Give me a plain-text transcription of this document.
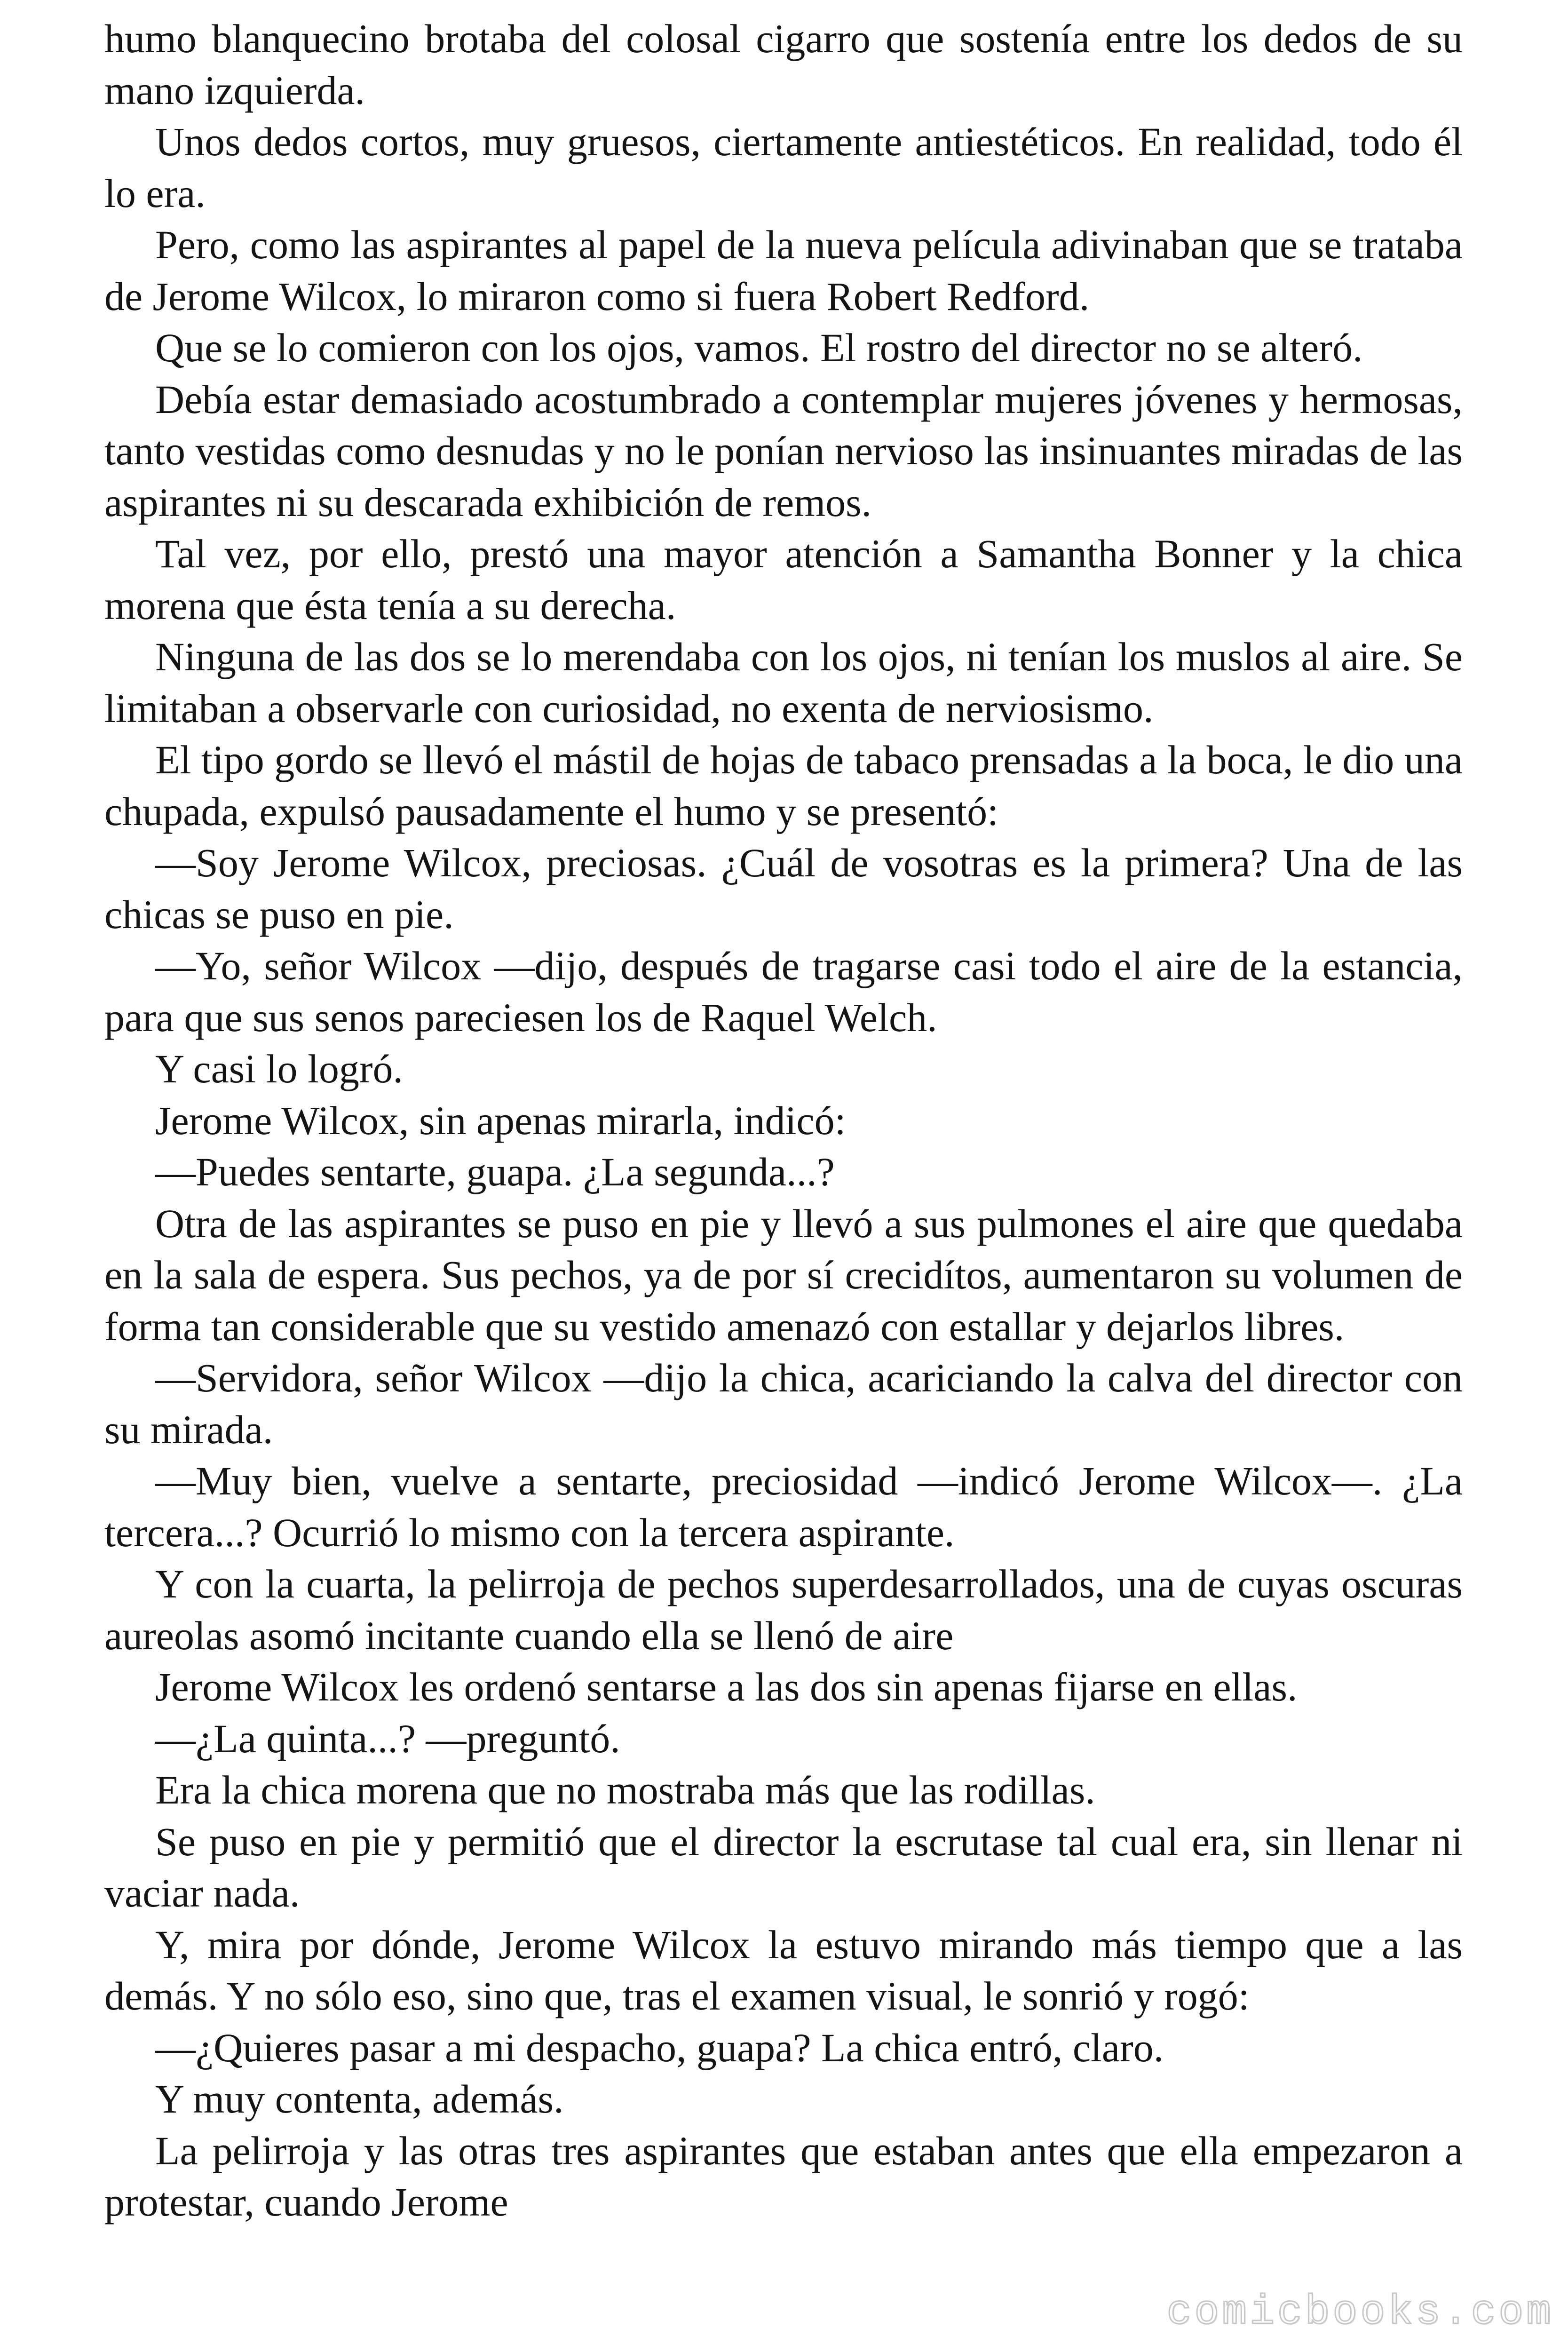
humo blanquecino brotaba del colosal cigarro que sostenía entre los dedos de su mano izquierda.

Unos dedos cortos, muy gruesos, ciertamente antiestéticos. En realidad, todo él lo era.

Pero, como las aspirantes al papel de la nueva película adivinaban que se trataba de Jerome Wilcox, lo miraron como si fuera Robert Redford.

Que se lo comieron con los ojos, vamos. El rostro del director no se alteró.

Debía estar demasiado acostumbrado a contemplar mujeres jóvenes y hermosas, tanto vestidas como desnudas y no le ponían nervioso las insinuantes miradas de las aspirantes ni su descarada exhibición de remos.

Tal vez, por ello, prestó una mayor atención a Samantha Bonner y la chica morena que ésta tenía a su derecha.

Ninguna de las dos se lo merendaba con los ojos, ni tenían los muslos al aire. Se limitaban a observarle con curiosidad, no exenta de nerviosismo.

El tipo gordo se llevó el mástil de hojas de tabaco prensadas a la boca, le dio una chupada, expulsó pausadamente el humo y se presentó:

—Soy Jerome Wilcox, preciosas. ¿Cuál de vosotras es la primera? Una de las chicas se puso en pie.

—Yo, señor Wilcox —dijo, después de tragarse casi todo el aire de la estancia, para que sus senos pareciesen los de Raquel Welch.

Y casi lo logró.

Jerome Wilcox, sin apenas mirarla, indicó:

—Puedes sentarte, guapa. ¿La segunda...?

Otra de las aspirantes se puso en pie y llevó a sus pulmones el aire que quedaba en la sala de espera. Sus pechos, ya de por sí crecidítos, aumentaron su volumen de forma tan considerable que su vestido amenazó con estallar y dejarlos libres.

—Servidora, señor Wilcox —dijo la chica, acariciando la calva del director con su mirada.

—Muy bien, vuelve a sentarte, preciosidad —indicó Jerome Wilcox—. ¿La tercera...? Ocurrió lo mismo con la tercera aspirante.

Y con la cuarta, la pelirroja de pechos superdesarrollados, una de cuyas oscuras aureolas asomó incitante cuando ella se llenó de aire

Jerome Wilcox les ordenó sentarse a las dos sin apenas fijarse en ellas.

—¿La quinta...? —preguntó.

Era la chica morena que no mostraba más que las rodillas.

Se puso en pie y permitió que el director la escrutase tal cual era, sin llenar ni vaciar nada.

Y, mira por dónde, Jerome Wilcox la estuvo mirando más tiempo que a las demás. Y no sólo eso, sino que, tras el examen visual, le sonrió y rogó:

—¿Quieres pasar a mi despacho, guapa? La chica entró, claro.

Y muy contenta, además.

La pelirroja y las otras tres aspirantes que estaban antes que ella empezaron a protestar, cuando Jerome

comicbooks.com
